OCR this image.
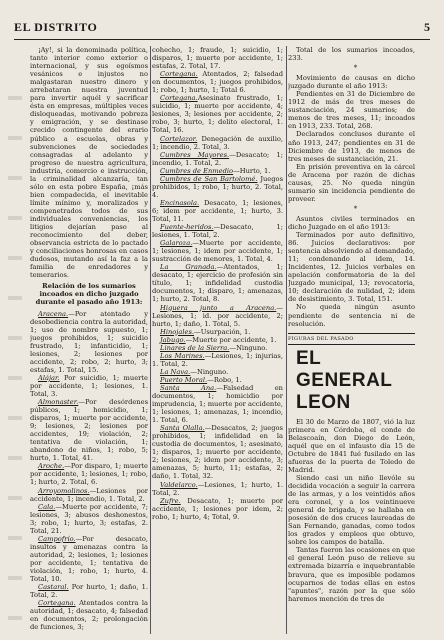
EL DISTRITO	5

¡Ay!, si la denominada política, tanto interior como exterior o internacional, y sus egoísmos vesánicos e injustos no malgastaran nuestro dinero y arrebataran nuestra juventud para invertir aquél y sacrificar ésta en empresas, múltiples veces disloqueadas, motivando pobreza y emigración, y se destinase crecido contingente del erario público a escuelas, obras y subvenciones de sociedades consagradas al adelanto y progreso de nuestra agricultura, industria, comercio e instrucción, la criminalidad alcanzaría, tan sólo en esta pobre España, ¡más bien compadecida, el inevitable límite mínimo y, moralizados y compenetrados todos de sus individuales conveniencias, los litigios dejarían paso al reconocimiento del deber, observancia estricta de lo pactado y conciliaciones honrosas en casos dudosos, mutando así la faz a la familia de enredadores y temerarios.

Relación de los sumarios incoados en dicho juzgado durante el pasado año 1913:

Aracena.—Por atentado y desobediencia contra la autoridad, 1; uso de nombre supuesto, 1; juegos prohibidos, 1; suicidio frustrado, 1; infanticidio, 1; lesiones, 2; lesiones por accidente, 2; robo, 2; hurto, 3; estafas, 1. Total, 15.

Alájar. Por suicidio, 1; muerte por accidente, 1; lesiones, 1. Total, 3.

Almonaster.—Por desórdenes públicos, 1; homicidio, 1; disparos, 1; muerte por accidente, 9; lesiones, 2; lesiones por accidentes, 19; violación, 2; tentativa de violación, 1; abandono de niños, 1; robo, 5; hurto, 1. Total, 41.

Aroche.—Por disparo, 1; muerte por accidente, 1; lesiones, 1; robo, 1; hurto, 2. Total, 6.

Arroyomolinos.—Lesiones por accidente, 1; incendio, 1. Total, 2.

Cala.—Muerte por accidente, 7; lesiones, 3; abusos deshonestos, 3; robo, 1; hurto, 3; estafas, 2. Total, 21.

Campofrío.—Por desacato, insultos y amenazas contra la autoridad, 2; lesiones, 1; lesiones por accidente, 1; tentativa de violación, 1; robo, 1; hurto, 4. Total, 10.

Castaral. Por hurto, 1; daño, 1. Total, 2.

Cortegana. Atentados contra la autoridad, 1; desacato, 4; falsedad en documentos, 2; prolongación de funciones, 3;

cohecho, 1; fraude, 1; suicidio, 1; disparos, 1; muerte por accidente, 1; estafas, 2. Total, 17.

Cortegana. Atentados, 2; falsedad en documentos, 1; juegos prohibidos, 1; robo, 1; hurto, 1; Total 6.

Cortegana.Asesinato frustrado, 1; suicidio, 1; muerte por accidente, 4; lesiones, 3; lesiones por accidente, 2; robo, 3; hurto, 1; delito electoral, 1. Total, 16.

Cortelazor. Denegación de auxilio, 1; incendio, 2. Total, 3.

Cumbres Mayores.—Desacato; 1; incendio, 1. Total, 2.

Cumbres de Enmedio—Hurto, 1.

Cumbres de San Bartolomé. Juegos prohibidos, 1; robo, 1; hurto, 2. Total, 4.

Encinasola. Desacato, 1; lesiones, 6; idem por accidente, 1; hurto, 3. Total, 11.

Fuente-heridos.—Desacato, 1; lesiones, 1. Total, 2.

Galaroza.—Muerte por accidente, 1; lesiones, 1; idem por accidente, 1; sustracción de menores, 1. Total, 4.

La Granada.—Atentados, 1; desacato, 1; ejercicio de profesión sin título, 1; infidelidad custodia documentos, 1; disparo, 1; amenazas, 1; hurto, 2. Total, 8.

Higuera junto a Aracena.—Lesiones, 1; id. por accidente, 2; hurto, 1; daño, 1. Total, 5.

Hinojales.—Usurpación, 1.

Jabugo.—Muerte por accidente, 1.

Linares de la Sierra.—Ninguno.

Los Marines.—Lesiones, 1; injurias, 1. Total, 2.

La Nava.—Ninguno.

Puerto Moral.—Robo, 1.

Santa Ana.—Falsedad en documentos, 1; homicidio por imprudencia, 1; muerte por accidente, 1; lesiones, 1; amenazas, 1; incendio, 1. Total, 6.

Santa Olalla.—Desacatos, 2; juegos prohibidos, 1; infidelidad en la custodia de documentos, 1; asesinato, 1; disparos, 1; muerte por accidente, 2; lesiones, 2; idem por accidente, 3; amenazas, 5; hurto, 11; estafas, 2; daño, 1. Total, 32.

Valdelarco.—Lesiones, 1; hurto, 1. Total, 2.

Zufre. Desacato, 1; muerte por accidente, 1; lesiones por idem, 2; robo, 1; hurto, 4; Total, 9.

Total de los sumarios incoados, 233.

*

Movimiento de causas en dicho juzgado durante el año 1913:

Pendientes en 31 de Diciembre de 1912 de más de tres meses de sustanciación, 24 sumarios; de menos de tres meses, 11; incoados en 1913, 233. Total, 268.

Declarados conclusos durante el año 1913, 247; pendientes en 31 de Diciembre de 1913, de menos de tres meses de sustanciación, 21.

En prisión preventiva en la cárcel de Aracena por razón de dichas causas, 25. No queda ningún sumario sin incidencia pendiente de proveer.

*

Asuntos civiles terminados en dicho Juzgado en el año 1913:

Terminados por auto definitivo, 86. Juicios declarativos: por sentencia absolviendo al demandado, 11; condenando al idem, 14. Incidentes, 12. Juicios verbales en apelación conformatoria de la del Juzgado municipal, 13; revocatoria, 10; declaración de nulidad, 2; idem de desistimiento, 3. Total, 151.

No queda ningún asunto pendiente de sentencia ni de resolución.

FIGURAS DEL PASADO

EL GENERAL LEON

El 30 de Marzo de 1807, vió la luz primera en Córdoba, el conde de Belascoaín, don Diego de León, aquél que en el infausto día 15 de Octubre de 1841 fué fusilado en las afueras de la puerta de Toledo de Madrid.

Siendo casi un niño llevóle su decidida vocación a seguir la carrera de las armas, y a los veintidós años era coronel, y a los veintinueve general de brigada, y se hallaba en posesión de dos cruces laureadas de San Fernando, ganadas, como todos los grados y empleos que obtuvo, sobre los campos de batalla.

Tantas fueron las ocasiones en que el general León puso de relieve su extremada bizarría e inquebrantable bravura, que es imposible podamos ocuparnos de todas ellas en estos "apuntes", razón por la que sólo haremos mención de tres de
